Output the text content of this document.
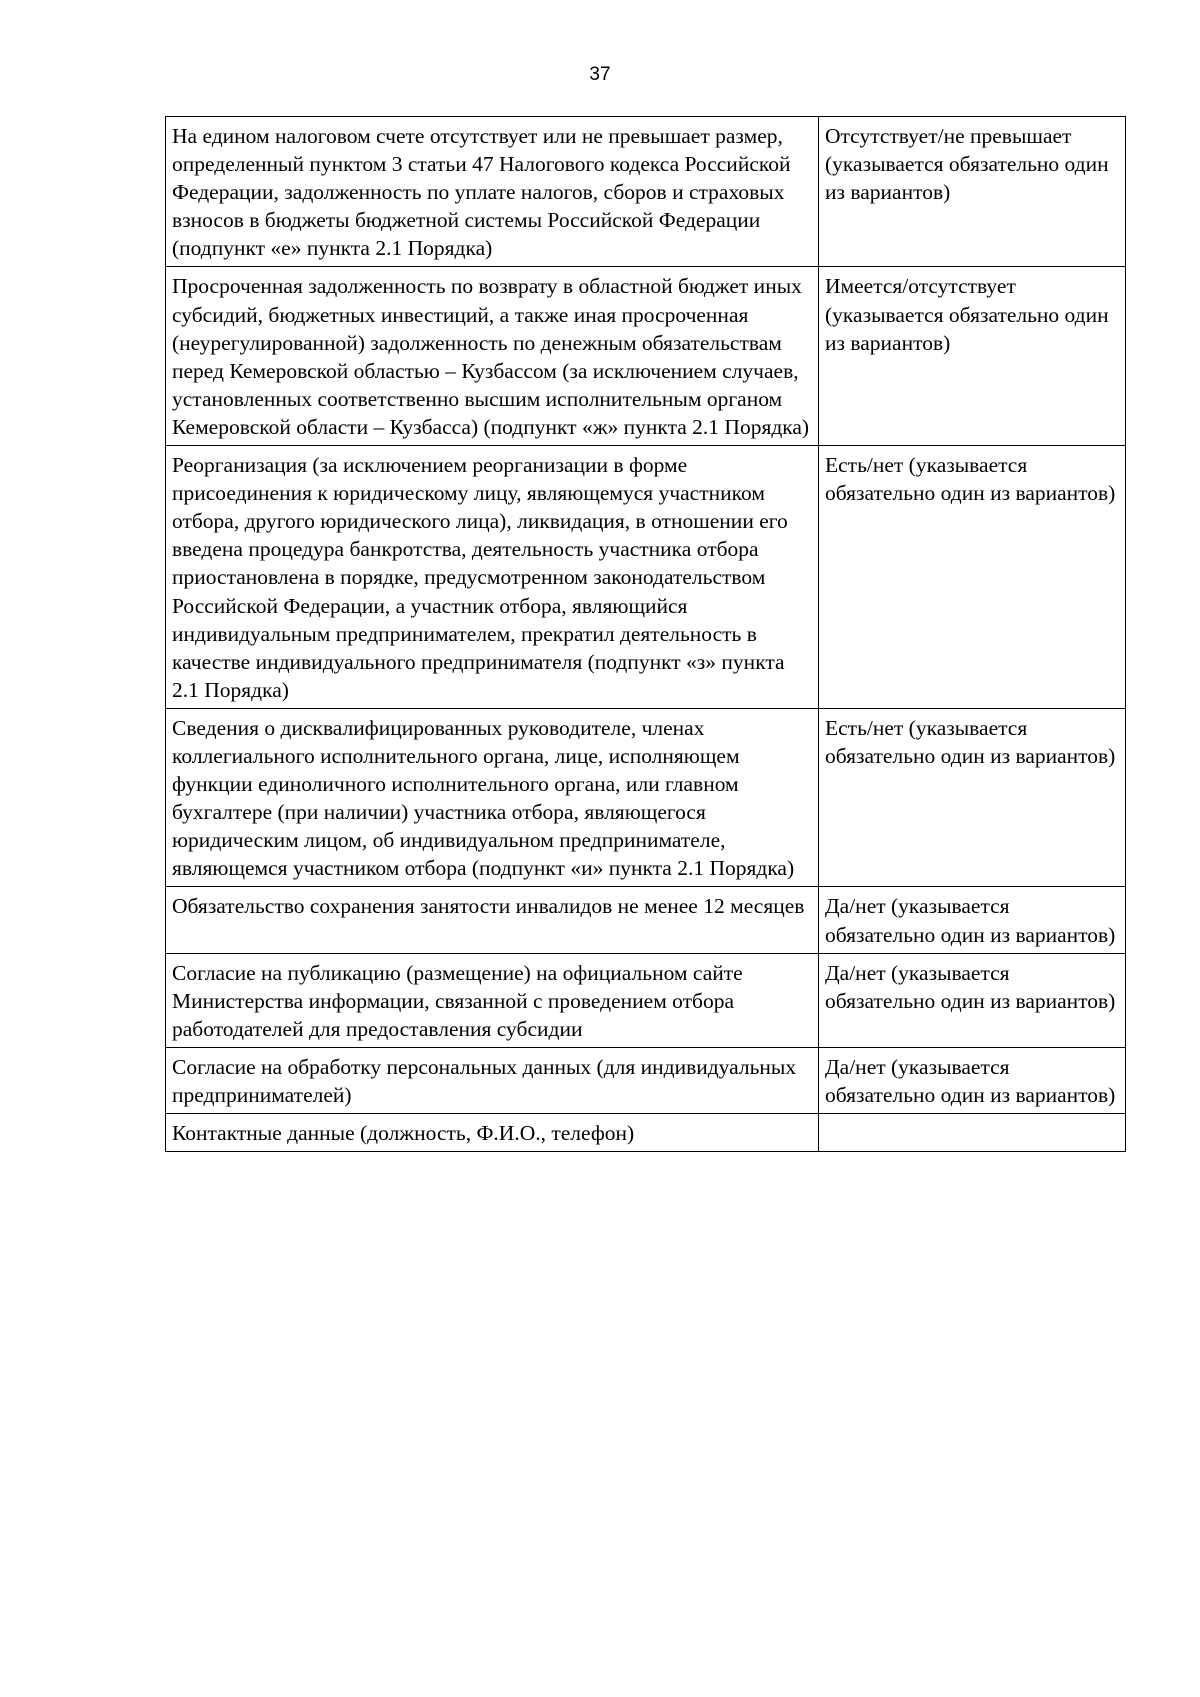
37
На едином налоговом счете отсутствует или не превышает размер, определенный пунктом 3 статьи 47 Налогового кодекса Российской Федерации, задолженность по уплате налогов, сборов и страховых взносов в бюджеты бюджетной системы Российской Федерации (подпункт «е» пункта 2.1 Порядка)	Отсутствует/не превышает (указывается обязательно один из вариантов)
Просроченная задолженность по возврату в областной бюджет иных субсидий, бюджетных инвестиций, а также иная просроченная (неурегулированной) задолженность по денежным обязательствам перед Кемеровской областью – Кузбассом (за исключением случаев, установленных соответственно высшим исполнительным органом Кемеровской области – Кузбасса) (подпункт «ж» пункта 2.1 Порядка)	Имеется/отсутствует (указывается обязательно один из вариантов)
Реорганизация (за исключением реорганизации в форме присоединения к юридическому лицу, являющемуся участником отбора, другого юридического лица), ликвидация, в отношении его введена процедура банкротства, деятельность участника отбора приостановлена в порядке, предусмотренном законодательством Российской Федерации, а участник отбора, являющийся индивидуальным предпринимателем, прекратил деятельность в качестве индивидуального предпринимателя (подпункт «з» пункта 2.1 Порядка)	Есть/нет (указывается обязательно один из вариантов)
Сведения о дисквалифицированных руководителе, членах коллегиального исполнительного органа, лице, исполняющем функции единоличного исполнительного органа, или главном бухгалтере (при наличии) участника отбора, являющегося юридическим лицом, об индивидуальном предпринимателе, являющемся участником отбора (подпункт «и» пункта 2.1 Порядка)	Есть/нет (указывается обязательно один из вариантов)
Обязательство сохранения занятости инвалидов не менее 12 месяцев	Да/нет (указывается обязательно один из вариантов)
Согласие на публикацию (размещение) на официальном сайте Министерства информации, связанной с проведением отбора работодателей для предоставления субсидии	Да/нет (указывается обязательно один из вариантов)
Согласие на обработку персональных данных (для индивидуальных предпринимателей)	Да/нет (указывается обязательно один из вариантов)
Контактные данные (должность, Ф.И.О., телефон)	
